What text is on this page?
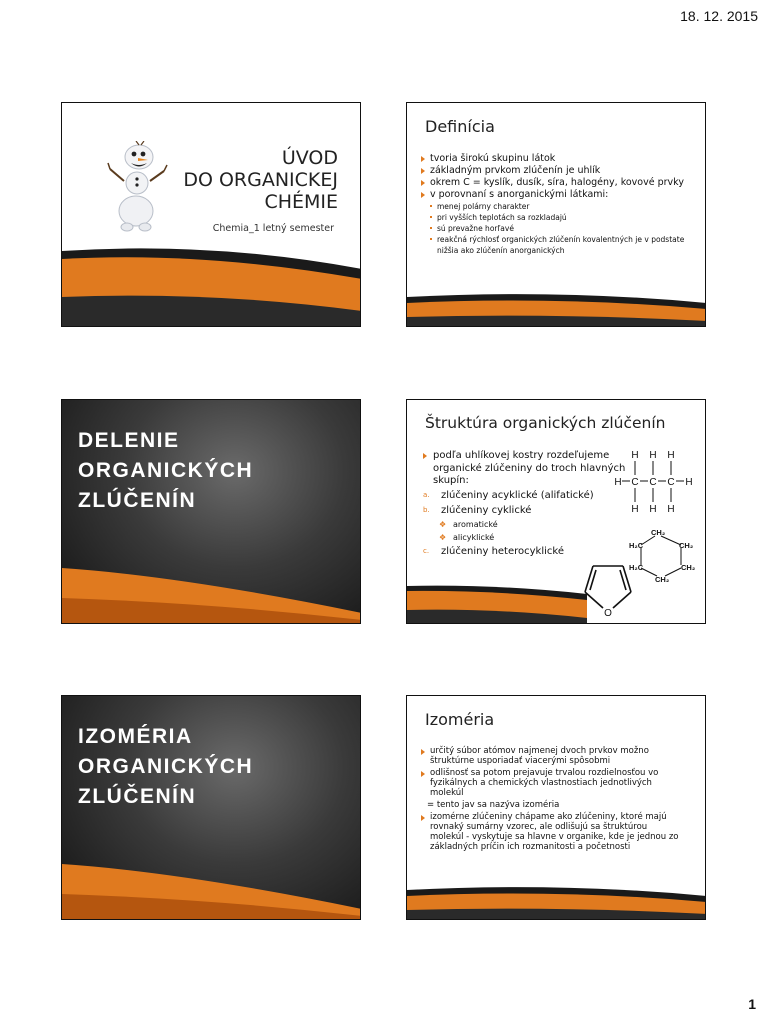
18. 12. 2015
ÚVOD
DO ORGANICKEJ
CHÉMIE
Chemia_1 letný semester
Definícia

tvoria širokú skupinu látok

základným prvkom zlúčenín je uhlík

okrem C = kyslík, dusík, síra, halogény, kovové prvky

v porovnaní s anorganickými látkami:

menej polárny charakter
pri vyšších teplotách sa rozkladajú
sú prevažne horľavé
reakčná rýchlosť organických zlúčenín kovalentných je v podstate nižšia ako zlúčenín anorganických
DELENIE
ORGANICKÝCH
ZLÚČENÍN
Štruktúra organických zlúčenín

podľa uhlíkovej kostry rozdeľujeme organické zlúčeniny do troch hlavných skupín:

a. zlúčeniny acyklické (alifatické)
b. zlúčeniny cyklické
❖ aromatické
❖ alicyklické
c. zlúčeniny heterocyklické
H H H
H C C C H
H H H
CH₂
H₂C	CH₂
H₂C
CH₂
CH₂
O
IZOMÉRIA
ORGANICKÝCH
ZLÚČENÍN
Izoméria

určitý súbor atómov najmenej dvoch prvkov možno štruktúrne usporiadať viacerými spôsobmi

odlišnosť sa potom prejavuje trvalou rozdielnosťou vo fyzikálnych a chemických vlastnostiach jednotlivých molekúl

= tento jav sa nazýva izoméria

izomérne zlúčeniny chápame ako zlúčeniny, ktoré majú rovnaký sumárny vzorec, ale odlišujú sa štruktúrou molekúl - vyskytuje sa hlavne v organike, kde je jednou zo základných príčin ich rozmanitosti a početnosti

1
